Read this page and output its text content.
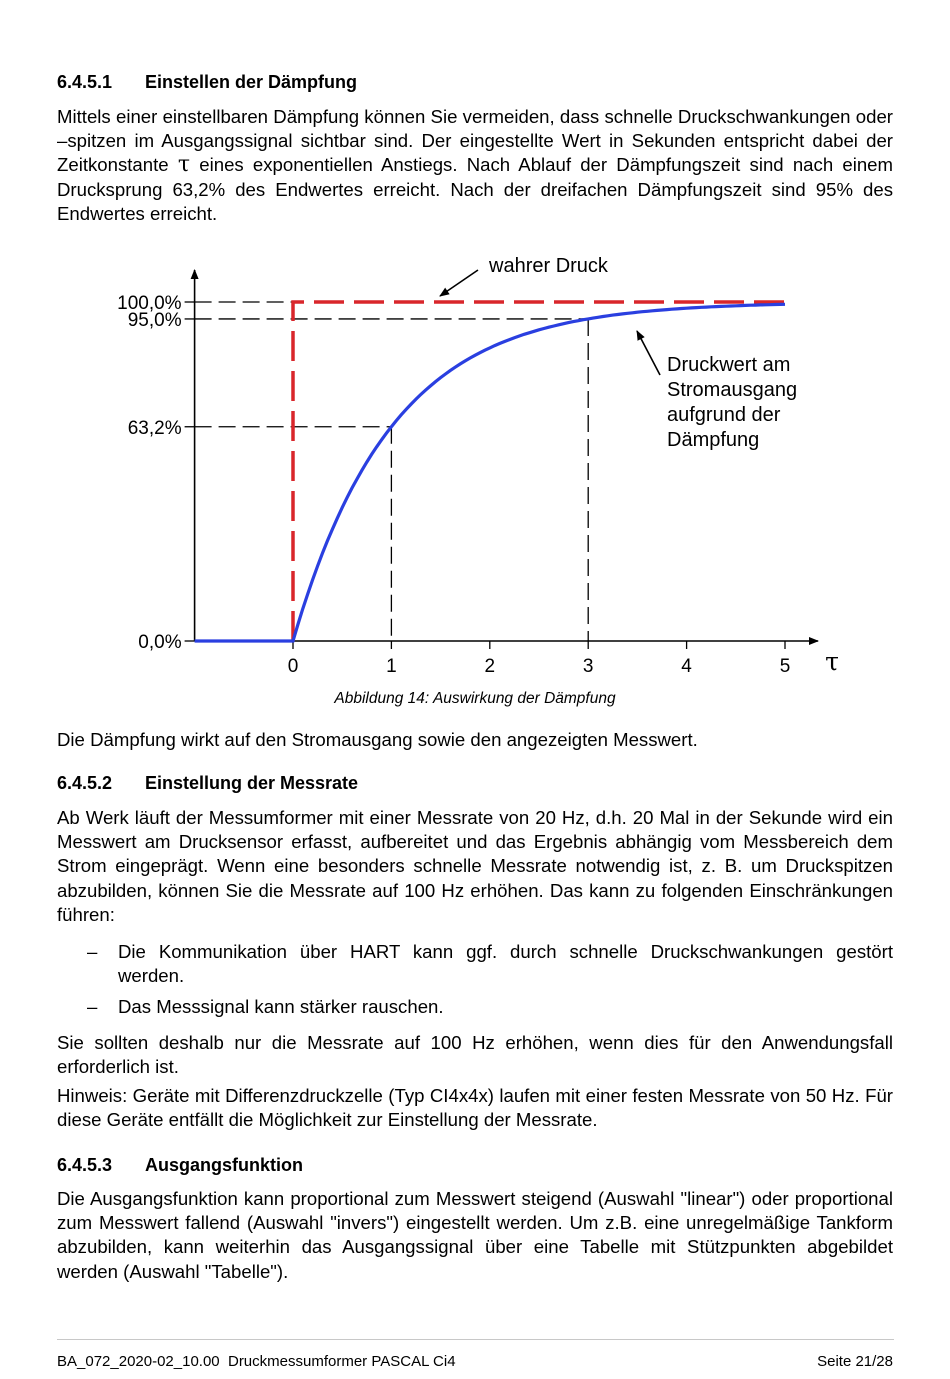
0,0%
63,2%
95,0%
100,0%
0	1	2	3	4	5 τ
wahrer Druck
Druckwert am
Stromausgang
aufgrund der
Dämpfung
6.4.5.1 Einstellen der Dämpfung

Mittels einer einstellbaren Dämpfung können Sie vermeiden, dass schnelle Druckschwankungen oder –spitzen im Ausgangssignal sichtbar sind. Der eingestellte Wert in Sekunden entspricht dabei der Zeitkonstante τ eines exponentiellen Anstiegs. Nach Ablauf der Dämpfungszeit sind nach einem Drucksprung 63,2% des Endwertes erreicht. Nach der dreifachen Dämpfungszeit sind 95% des Endwertes erreicht.

Abbildung 14: Auswirkung der Dämpfung

Die Dämpfung wirkt auf den Stromausgang sowie den angezeigten Messwert.

6.4.5.2 Einstellung der Messrate

Ab Werk läuft der Messumformer mit einer Messrate von 20 Hz, d.h. 20 Mal in der Sekunde wird ein Messwert am Drucksensor erfasst, aufbereitet und das Ergebnis abhängig vom Messbereich dem Strom eingeprägt. Wenn eine besonders schnelle Messrate notwendig ist, z. B. um Druckspitzen abzubilden, können Sie die Messrate auf 100 Hz erhöhen. Das kann zu folgenden Einschränkungen führen:

– Die Kommunikation über HART kann ggf. durch schnelle Druckschwankungen gestört werden.
– Das Messsignal kann stärker rauschen.

Sie sollten deshalb nur die Messrate auf 100 Hz erhöhen, wenn dies für den Anwendungsfall erforderlich ist.

Hinweis: Geräte mit Differenzdruckzelle (Typ CI4x4x) laufen mit einer festen Messrate von 50 Hz. Für diese Geräte entfällt die Möglichkeit zur Einstellung der Messrate.

6.4.5.3 Ausgangsfunktion

Die Ausgangsfunktion kann proportional zum Messwert steigend (Auswahl "linear") oder proportional zum Messwert fallend (Auswahl "invers") eingestellt werden. Um z.B. eine unregelmäßige Tankform abzubilden, kann weiterhin das Ausgangssignal über eine Tabelle mit Stützpunkten abgebildet werden (Auswahl "Tabelle").

BA_072_2020-02_10.00  Druckmessumformer PASCAL Ci4	Seite 21/28
